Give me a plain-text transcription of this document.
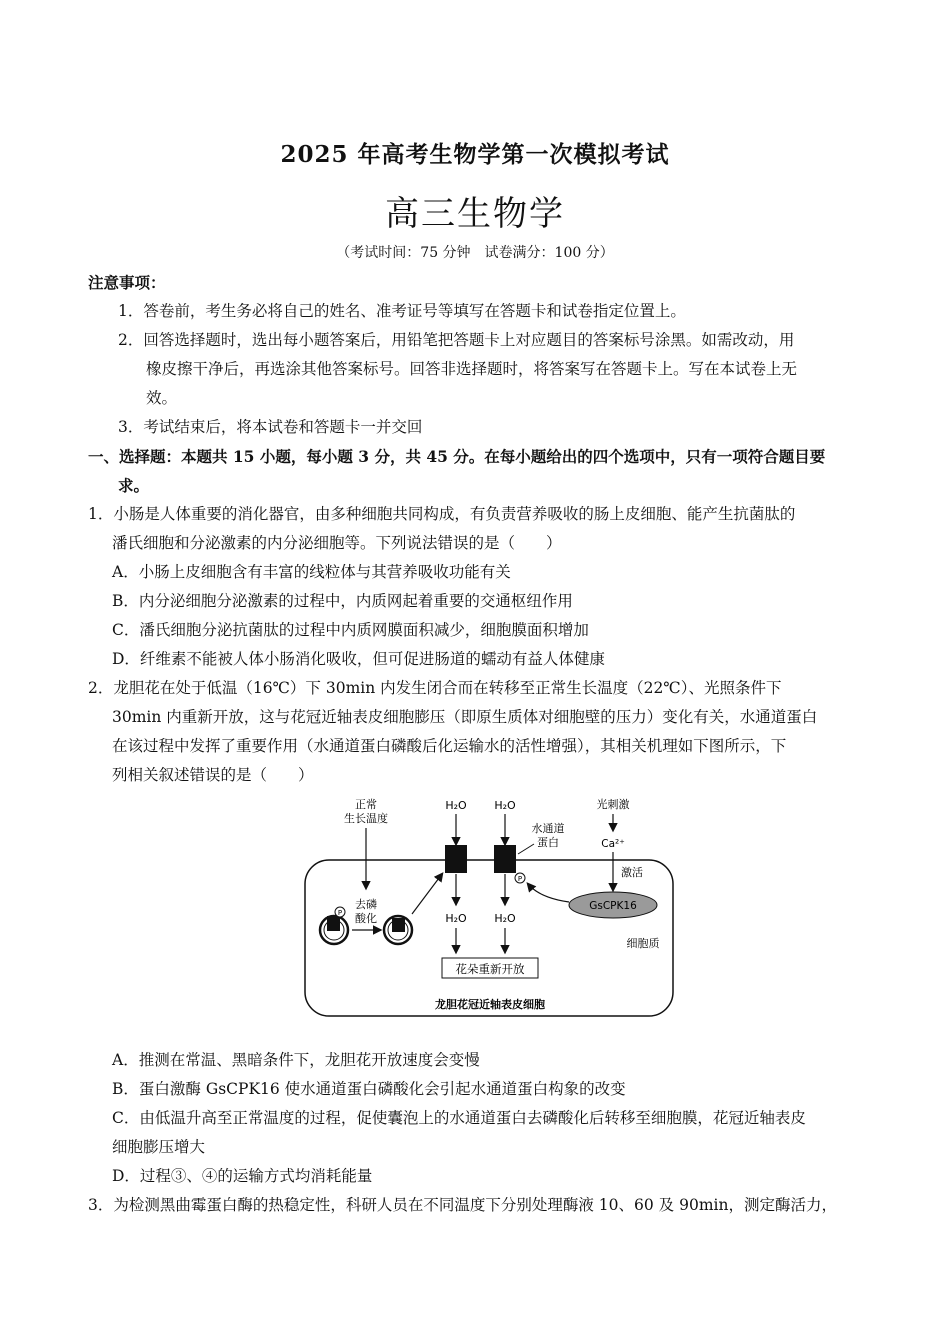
2025 年高考生物学第一次模拟考试
高三生物学
（考试时间：75 分钟　试卷满分：100 分）
注意事项：
1．答卷前，考生务必将自己的姓名、准考证号等填写在答题卡和试卷指定位置上。
2．回答选择题时，选出每小题答案后，用铅笔把答题卡上对应题目的答案标号涂黑。如需改动，用
橡皮擦干净后，再选涂其他答案标号。回答非选择题时，将答案写在答题卡上。写在本试卷上无
效。
3．考试结束后，将本试卷和答题卡一并交回
一、选择题：本题共 15 小题，每小题 3 分，共 45 分。在每小题给出的四个选项中，只有一项符合题目要
求。
1．小肠是人体重要的消化器官，由多种细胞共同构成，有负责营养吸收的肠上皮细胞、能产生抗菌肽的
潘氏细胞和分泌激素的内分泌细胞等。下列说法错误的是（　　）
A．小肠上皮细胞含有丰富的线粒体与其营养吸收功能有关
B．内分泌细胞分泌激素的过程中，内质网起着重要的交通枢纽作用
C．潘氏细胞分泌抗菌肽的过程中内质网膜面积减少，细胞膜面积增加
D．纤维素不能被人体小肠消化吸收，但可促进肠道的蠕动有益人体健康
2．龙胆花在处于低温（16℃）下 30min 内发生闭合而在转移至正常生长温度（22℃）、光照条件下
30min 内重新开放，这与花冠近轴表皮细胞膨压（即原生质体对细胞壁的压力）变化有关，水通道蛋白
在该过程中发挥了重要作用（水通道蛋白磷酸后化运输水的活性增强），其相关机理如下图所示，下
列相关叙述错误的是（　　）
正常
生长温度
P
去磷
酸化
P
H₂O	H₂O
水通道
蛋白
H₂O	H₂O
花朵重新开放
光刺激
Ca²⁺
激活
GsCPK16
细胞质
龙胆花冠近轴表皮细胞
A．推测在常温、黑暗条件下，龙胆花开放速度会变慢
B．蛋白激酶 GsCPK16 使水通道蛋白磷酸化会引起水通道蛋白构象的改变
C．由低温升高至正常温度的过程，促使囊泡上的水通道蛋白去磷酸化后转移至细胞膜，花冠近轴表皮
细胞膨压增大
D．过程③、④的运输方式均消耗能量
3．为检测黑曲霉蛋白酶的热稳定性，科研人员在不同温度下分别处理酶液 10、60 及 90min，测定酶活力，
